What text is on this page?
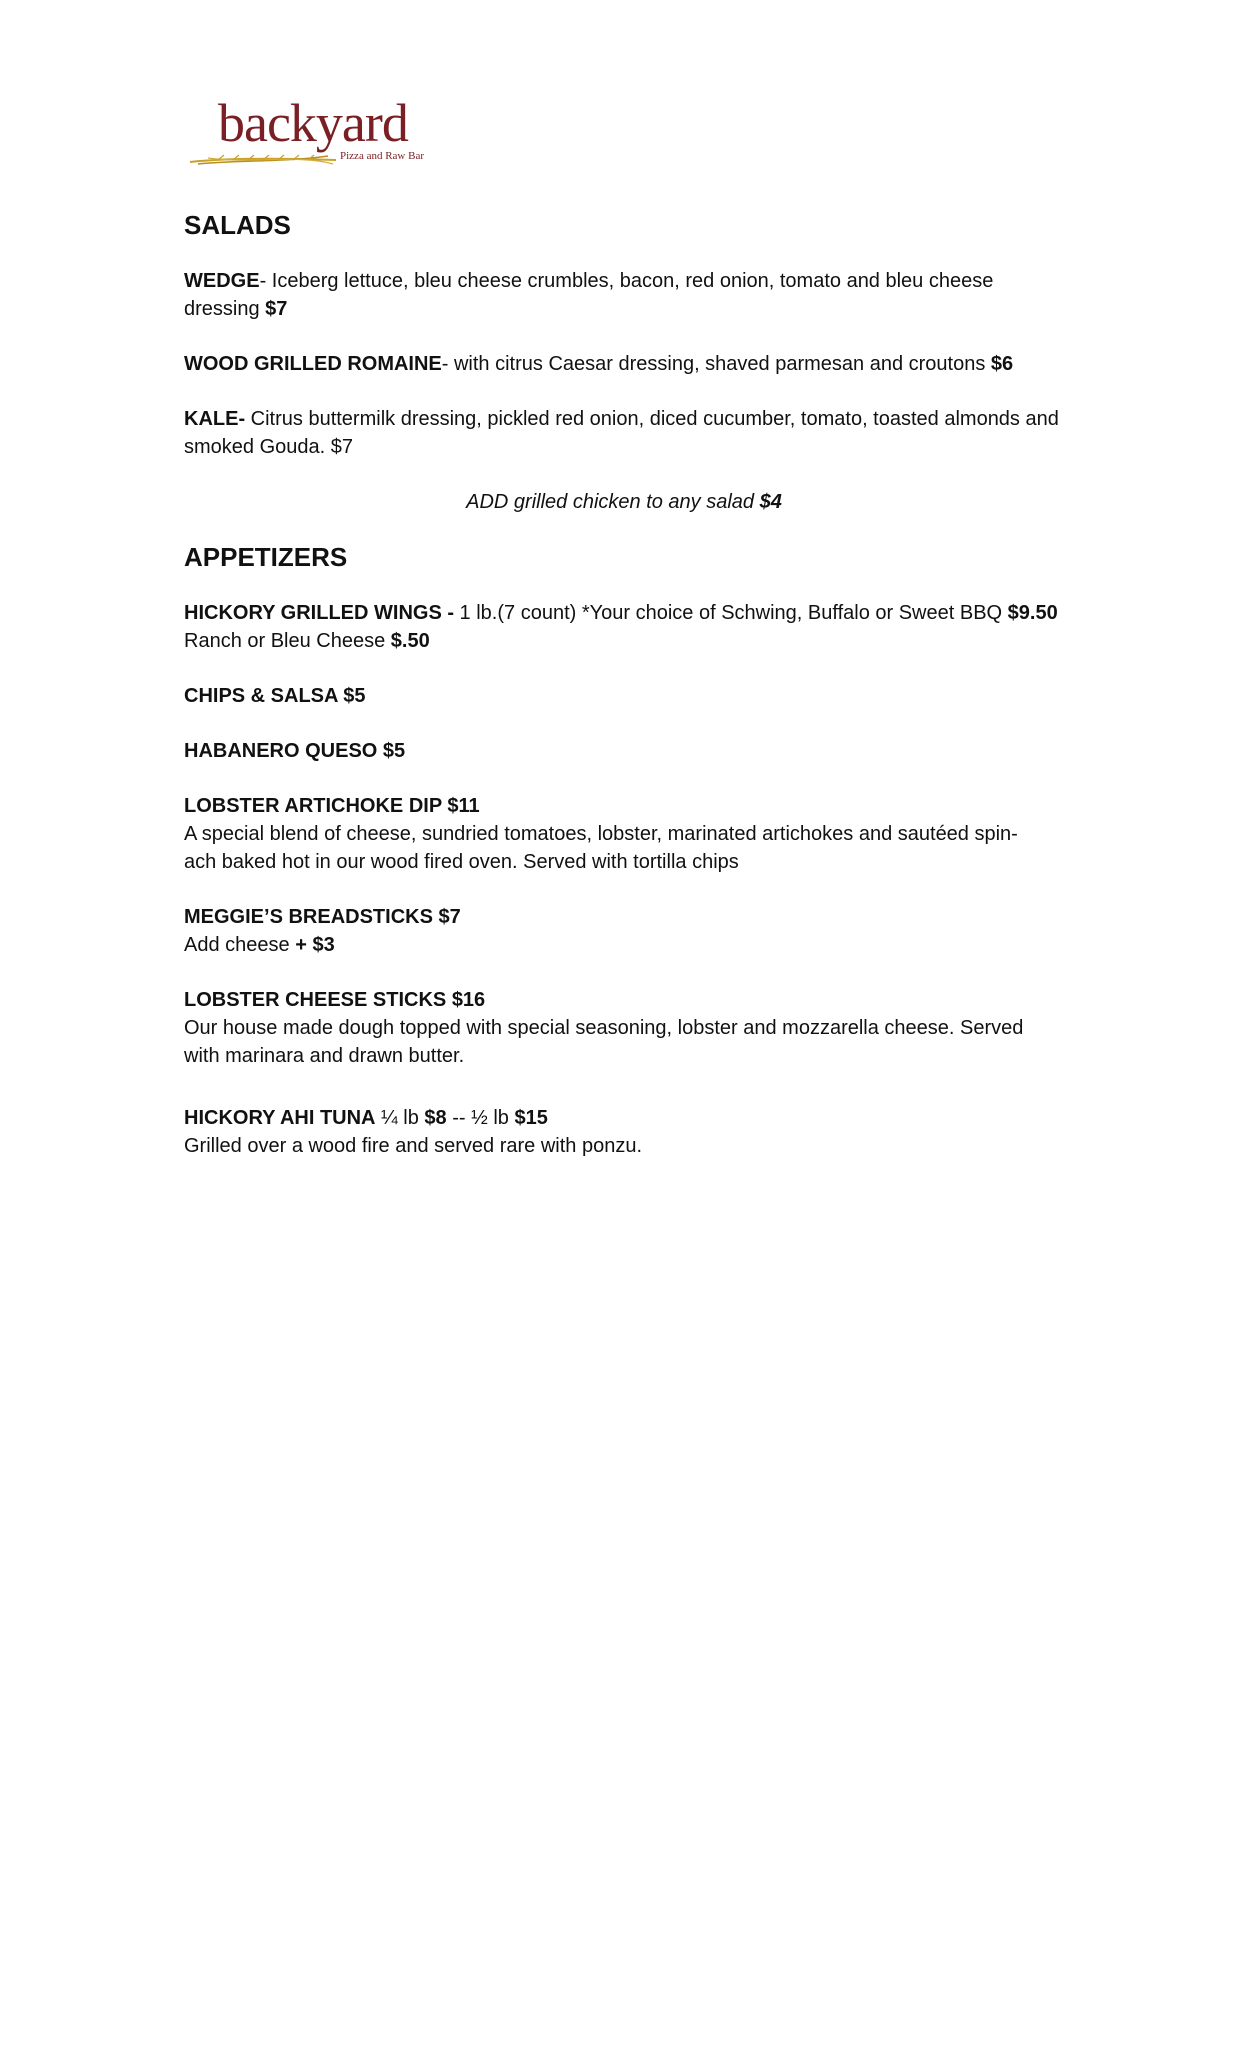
backyard
Pizza and Raw Bar
SALADS

WEDGE- Iceberg lettuce, bleu cheese crumbles, bacon, red onion, tomato and bleu cheese dressing $7

WOOD GRILLED ROMAINE- with citrus Caesar dressing, shaved parmesan and croutons $6

KALE- Citrus buttermilk dressing, pickled red onion, diced cucumber, tomato, toasted almonds and smoked Gouda. $7

ADD grilled chicken to any salad $4

APPETIZERS

HICKORY GRILLED WINGS - 1 lb.(7 count) *Your choice of Schwing, Buffalo or Sweet BBQ $9.50
Ranch or Bleu Cheese $.50

CHIPS & SALSA $5

HABANERO QUESO $5

LOBSTER ARTICHOKE DIP $11
A special blend of cheese, sundried tomatoes, lobster, marinated artichokes and sautéed spin-
ach baked hot in our wood fired oven. Served with tortilla chips

MEGGIE’S BREADSTICKS $7
Add cheese + $3

LOBSTER CHEESE STICKS $16
Our house made dough topped with special seasoning, lobster and mozzarella cheese. Served with marinara and drawn butter.

HICKORY AHI TUNA ¼ lb $8 -- ½ lb $15
Grilled over a wood fire and served rare with ponzu.
